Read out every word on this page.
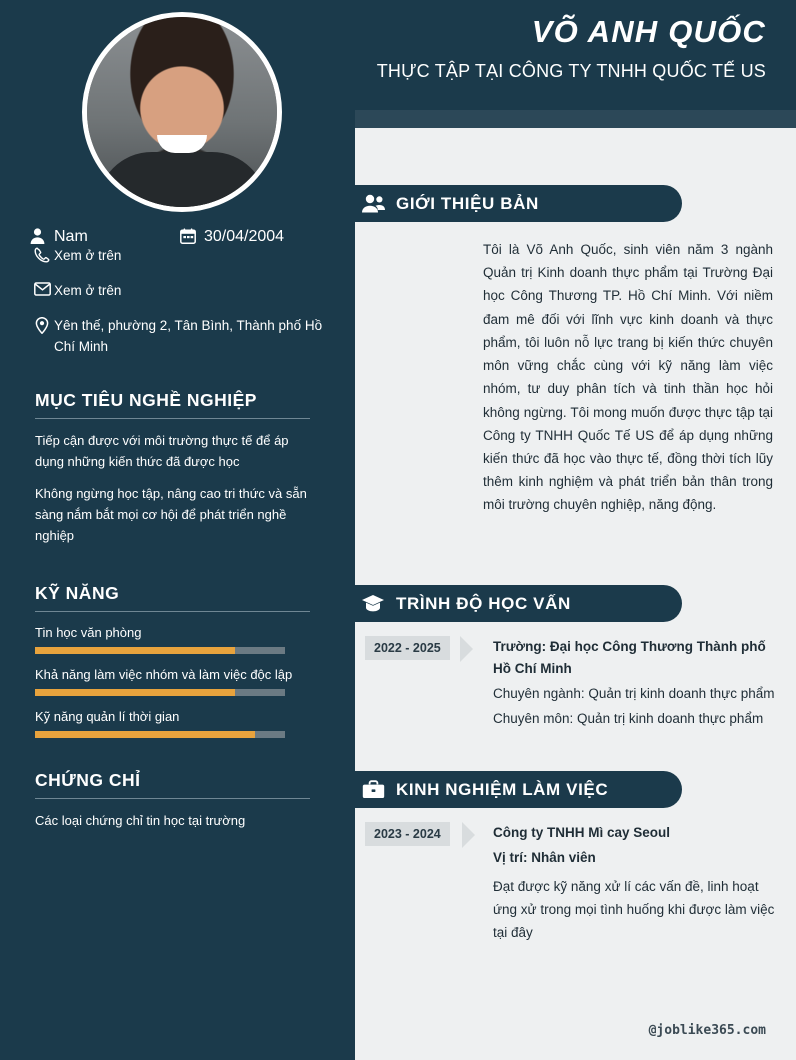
VÕ ANH QUỐC
THỰC TẬP TẠI CÔNG TY TNHH QUỐC TẾ US
Nam	30/04/2004
Xem ở trên
Xem ở trên
Yên thế, phường 2, Tân Bình, Thành phố Hồ Chí Minh
MỤC TIÊU NGHỀ NGHIỆP
Tiếp cận được với môi trường thực tế để áp dụng những kiến thức đã được học
Không ngừng học tập, nâng cao tri thức và sẵn sàng nắm bắt mọi cơ hội để phát triển nghề nghiệp
KỸ NĂNG
Tin học văn phòng
Khả năng làm việc nhóm và làm việc độc lập
Kỹ năng quản lí thời gian
CHỨNG CHỈ
Các loại chứng chỉ tin học tại trường
GIỚI THIỆU BẢN
Tôi là Võ Anh Quốc, sinh viên năm 3 ngành Quản trị Kinh doanh thực phẩm tại Trường Đại học Công Thương TP. Hồ Chí Minh. Với niềm đam mê đối với lĩnh vực kinh doanh và thực phẩm, tôi luôn nỗ lực trang bị kiến thức chuyên môn vững chắc cùng với kỹ năng làm việc nhóm, tư duy phân tích và tinh thần học hỏi không ngừng. Tôi mong muốn được thực tập tại Công ty TNHH Quốc Tế US để áp dụng những kiến thức đã học vào thực tế, đồng thời tích lũy thêm kinh nghiệm và phát triển bản thân trong môi trường chuyên nghiệp, năng động.
TRÌNH ĐỘ HỌC VẤN
2022 - 2025	Trường: Đại học Công Thương Thành phố Hồ Chí Minh

Chuyên ngành: Quản trị kinh doanh thực phẩm

Chuyên môn: Quản trị kinh doanh thực phẩm

KINH NGHIỆM LÀM VIỆC
2023 - 2024	Công ty TNHH Mì cay Seoul

Vị trí: Nhân viên

Đạt được kỹ năng xử lí các vấn đề, linh hoạt ứng xử trong mọi tình huống khi được làm việc tại đây

@joblike365.com
